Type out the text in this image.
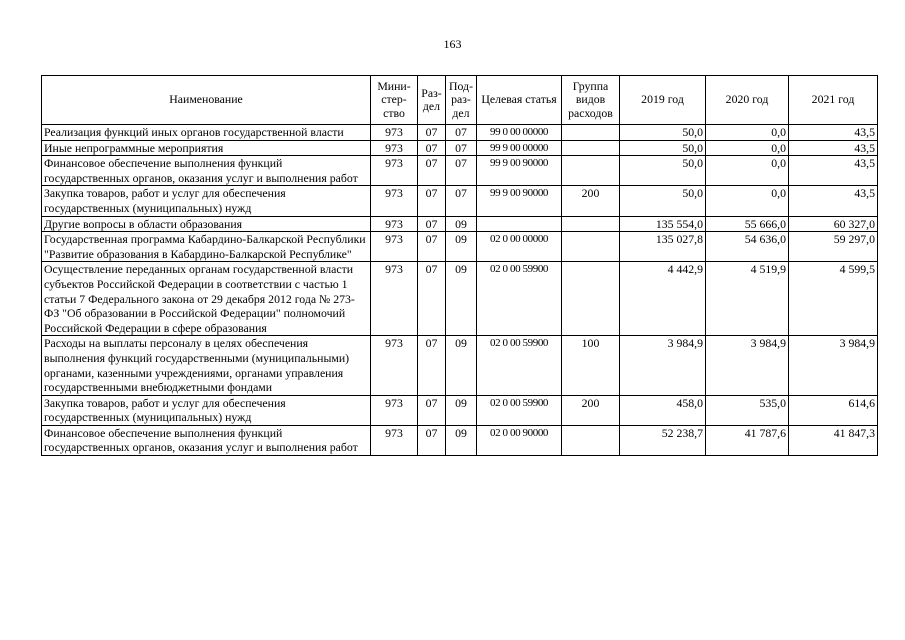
163
Наименование	Мини-стер-ство	Раз-дел	Под-раз-дел	Целевая статья	Группа видов расходов	2019 год	2020 год	2021 год
Реализация функций иных органов государственной власти	973	07	07	99 0 00 00000		50,0	0,0	43,5
Иные непрограммные мероприятия	973	07	07	99 9 00 00000		50,0	0,0	43,5
Финансовое обеспечение выполнения функций государственных органов, оказания услуг и выполнения работ	973	07	07	99 9 00 90000		50,0	0,0	43,5
Закупка товаров, работ и услуг для обеспечения государственных (муниципальных) нужд	973	07	07	99 9 00 90000	200	50,0	0,0	43,5
Другие вопросы в области образования	973	07	09			135 554,0	55 666,0	60 327,0
Государственная программа Кабардино-Балкарской Республики "Развитие образования в Кабардино-Балкарской Республике"	973	07	09	02 0 00 00000		135 027,8	54 636,0	59 297,0
Осуществление переданных органам государственной власти субъектов Российской Федерации в соответствии с частью 1 статьи 7 Федерального закона от 29 декабря 2012 года № 273-ФЗ "Об образовании в Российской Федерации" полномочий Российской Федерации в сфере образования	973	07	09	02 0 00 59900		4 442,9	4 519,9	4 599,5
Расходы на выплаты персоналу в целях обеспечения выполнения функций государственными (муниципальными) органами, казенными учреждениями, органами управления государственными внебюджетными фондами	973	07	09	02 0 00 59900	100	3 984,9	3 984,9	3 984,9
Закупка товаров, работ и услуг для обеспечения государственных (муниципальных) нужд	973	07	09	02 0 00 59900	200	458,0	535,0	614,6
Финансовое обеспечение выполнения функций государственных органов, оказания услуг и выполнения работ	973	07	09	02 0 00 90000		52 238,7	41 787,6	41 847,3
